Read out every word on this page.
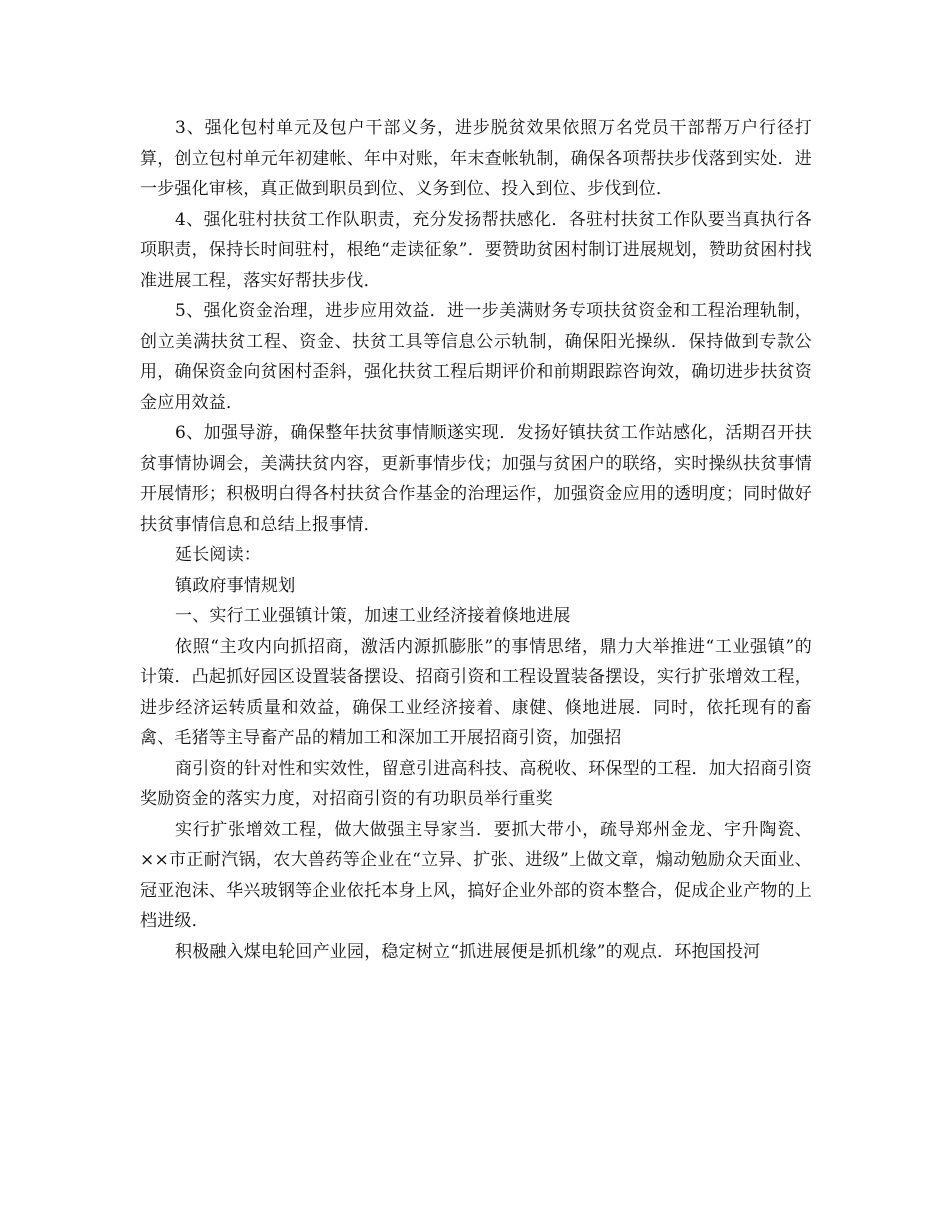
3、强化包村单元及包户干部义务，进步脱贫效果依照万名党员干部帮万户行径打算，创立包村单元年初建帐、年中对账，年末查帐轨制，确保各项帮扶步伐落到实处．进一步强化审核，真正做到职员到位、义务到位、投入到位、步伐到位．

4、强化驻村扶贫工作队职责，充分发扬帮扶感化．各驻村扶贫工作队要当真执行各项职责，保持长时间驻村，根绝“走读征象”．要赞助贫困村制订进展规划，赞助贫困村找准进展工程，落实好帮扶步伐．

5、强化资金治理，进步应用效益．进一步美满财务专项扶贫资金和工程治理轨制，创立美满扶贫工程、资金、扶贫工具等信息公示轨制，确保阳光操纵．保持做到专款公用，确保资金向贫困村歪斜，强化扶贫工程后期评价和前期跟踪咨询效，确切进步扶贫资金应用效益．

6、加强导游，确保整年扶贫事情顺遂实现．发扬好镇扶贫工作站感化，活期召开扶贫事情协调会，美满扶贫内容，更新事情步伐；加强与贫困户的联络，实时操纵扶贫事情开展情形；积极明白得各村扶贫合作基金的治理运作，加强资金应用的透明度；同时做好扶贫事情信息和总结上报事情．

延长阅读：

镇政府事情规划

一、实行工业强镇计策，加速工业经济接着倏地进展

依照“主攻内向抓招商，激活内源抓膨胀”的事情思绪，鼎力大举推进“工业强镇”的计策．凸起抓好园区设置装备摆设、招商引资和工程设置装备摆设，实行扩张增效工程，进步经济运转质量和效益，确保工业经济接着、康健、倏地进展．同时，依托现有的畜禽、毛猪等主导畜产品的精加工和深加工开展招商引资，加强招

商引资的针对性和实效性，留意引进高科技、高税收、环保型的工程．加大招商引资奖励资金的落实力度，对招商引资的有功职员举行重奖

实行扩张增效工程，做大做强主导家当．要抓大带小，疏导郑州金龙、宇升陶瓷、××市正耐汽锅，农大兽药等企业在“立异、扩张、进级”上做文章，煽动勉励众天面业、冠亚泡沫、华兴玻钢等企业依托本身上风，搞好企业外部的资本整合，促成企业产物的上档进级．

积极融入煤电轮回产业园，稳定树立“抓进展便是抓机缘”的观点．环抱国投河
